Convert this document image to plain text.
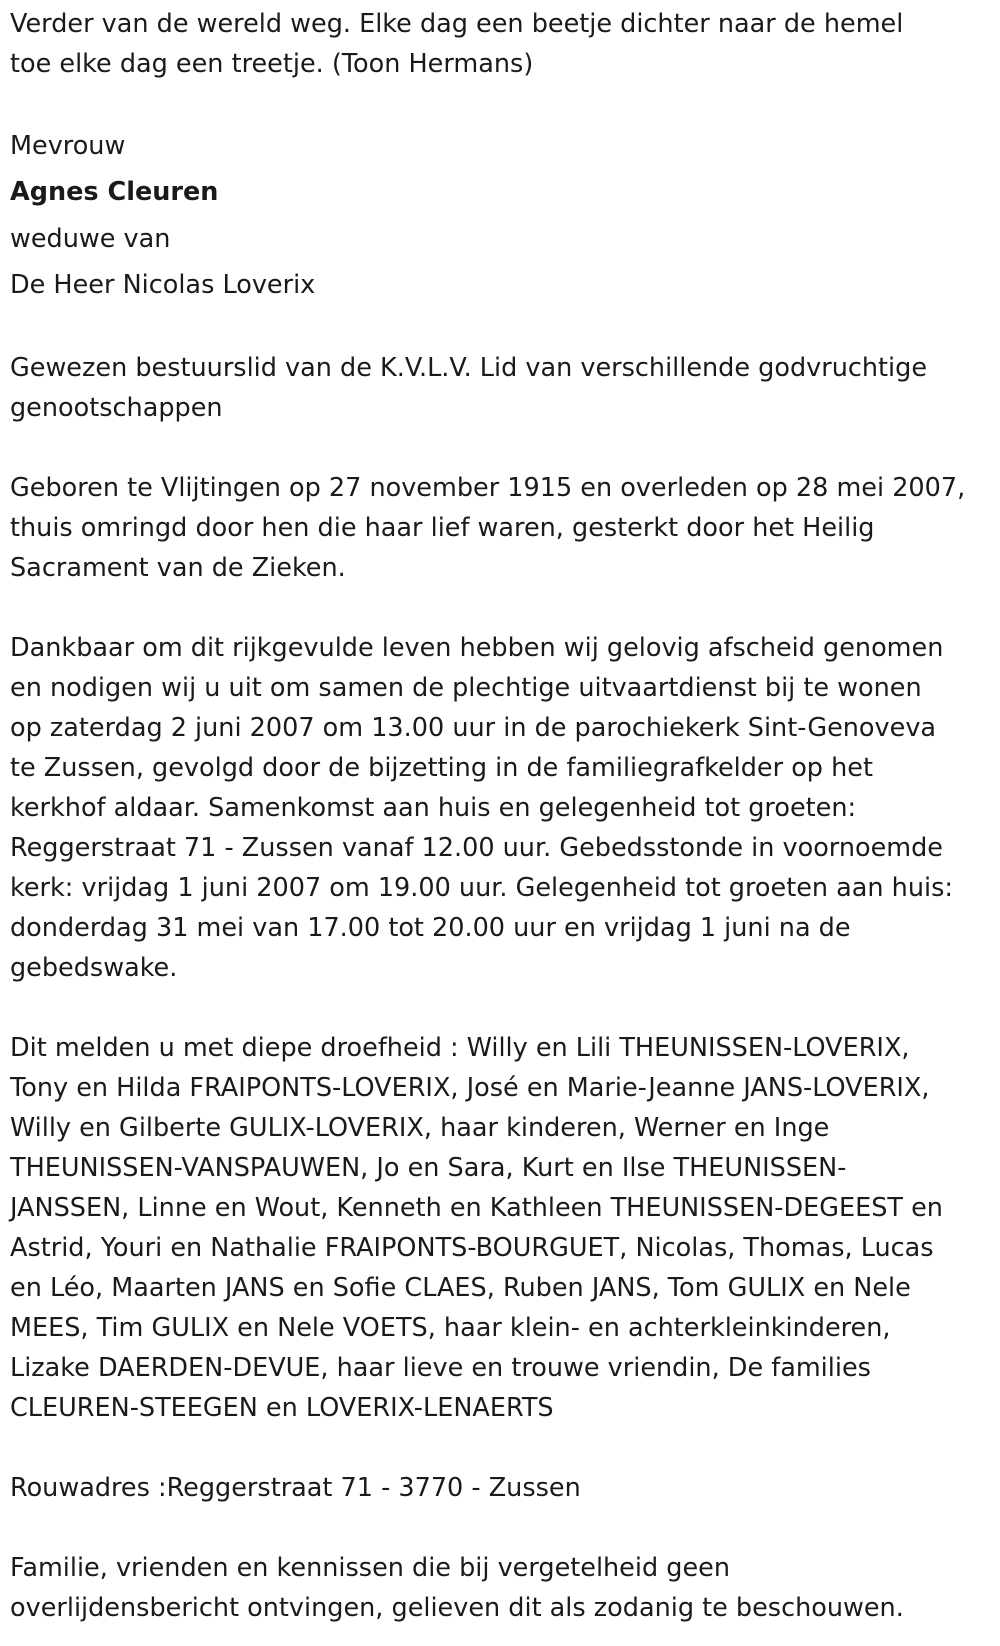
Verder van de wereld weg. Elke dag een beetje dichter naar de hemel
toe elke dag een treetje. (Toon Hermans)
Mevrouw
Agnes Cleuren
weduwe van
De Heer Nicolas Loverix
Gewezen bestuurslid van de K.V.L.V. Lid van verschillende godvruchtige
genootschappen
Geboren te Vlijtingen op 27 november 1915 en overleden op 28 mei 2007,
thuis omringd door hen die haar lief waren, gesterkt door het Heilig
Sacrament van de Zieken.
Dankbaar om dit rijkgevulde leven hebben wij gelovig afscheid genomen
en nodigen wij u uit om samen de plechtige uitvaartdienst bij te wonen
op zaterdag 2 juni 2007 om 13.00 uur in de parochiekerk Sint-Genoveva
te Zussen, gevolgd door de bijzetting in de familiegrafkelder op het
kerkhof aldaar. Samenkomst aan huis en gelegenheid tot groeten:
Reggerstraat 71 - Zussen vanaf 12.00 uur. Gebedsstonde in voornoemde
kerk: vrijdag 1 juni 2007 om 19.00 uur. Gelegenheid tot groeten aan huis:
donderdag 31 mei van 17.00 tot 20.00 uur en vrijdag 1 juni na de
gebedswake.
Dit melden u met diepe droefheid : Willy en Lili THEUNISSEN-LOVERIX,
Tony en Hilda FRAIPONTS-LOVERIX, José en Marie-Jeanne JANS-LOVERIX,
Willy en Gilberte GULIX-LOVERIX, haar kinderen, Werner en Inge
THEUNISSEN-VANSPAUWEN, Jo en Sara, Kurt en Ilse THEUNISSEN-
JANSSEN, Linne en Wout, Kenneth en Kathleen THEUNISSEN-DEGEEST en
Astrid, Youri en Nathalie FRAIPONTS-BOURGUET, Nicolas, Thomas, Lucas
en Léo, Maarten JANS en Sofie CLAES, Ruben JANS, Tom GULIX en Nele
MEES, Tim GULIX en Nele VOETS, haar klein- en achterkleinkinderen,
Lizake DAERDEN-DEVUE, haar lieve en trouwe vriendin, De families
CLEUREN-STEEGEN en LOVERIX-LENAERTS
Rouwadres :Reggerstraat 71 - 3770 - Zussen
Familie, vrienden en kennissen die bij vergetelheid geen
overlijdensbericht ontvingen, gelieven dit als zodanig te beschouwen.
